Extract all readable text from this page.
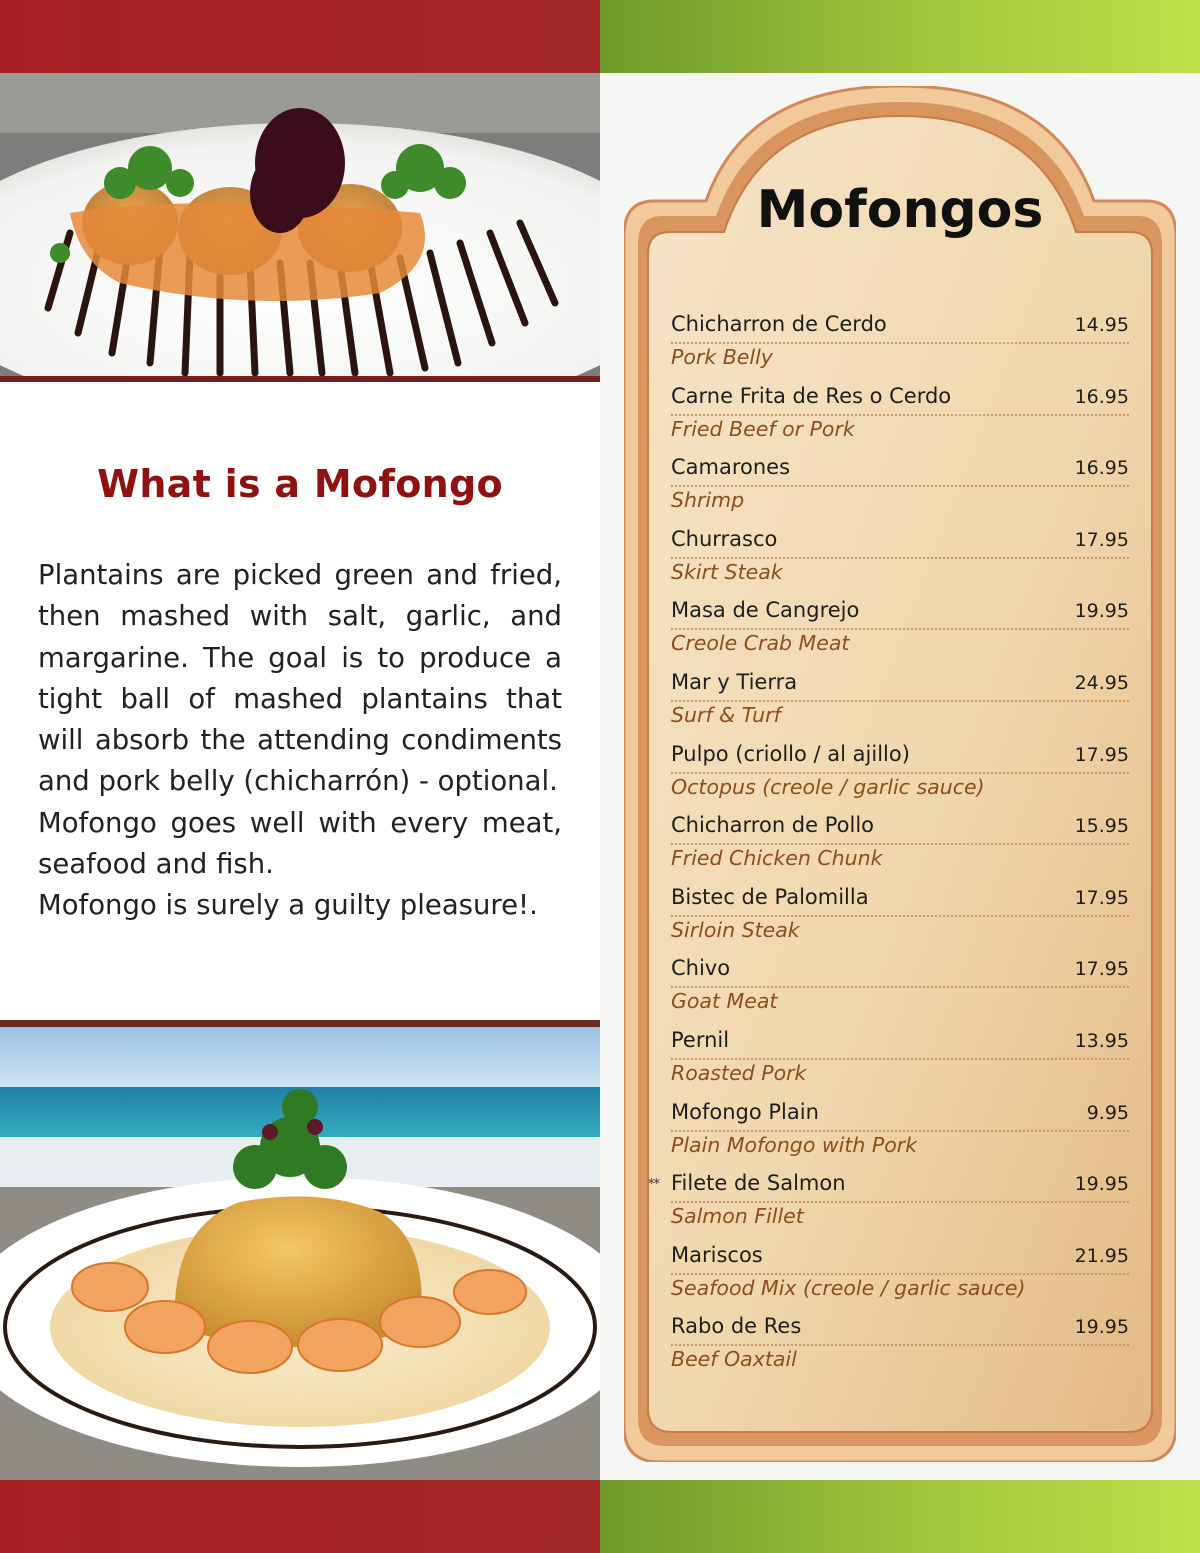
What is a Mofongo
Plantains are picked green and fried,
then mashed with salt, garlic, and
margarine. The goal is to produce a
tight ball of mashed plantains that
will absorb the attending condiments
and pork belly (chicharrón) - optional.
Mofongo goes well with every meat,
seafood and fish.
Mofongo is surely a guilty pleasure!.
Mofongos
Chicharron de Cerdo	14.95
Pork Belly
Carne Frita de Res o Cerdo	16.95
Fried Beef or Pork
Camarones	16.95
Shrimp
Churrasco	17.95
Skirt Steak
Masa de Cangrejo	19.95
Creole Crab Meat
Mar y Tierra	24.95
Surf & Turf
Pulpo (criollo / al ajillo)	17.95
Octopus (creole / garlic sauce)
Chicharron de Pollo	15.95
Fried Chicken Chunk
Bistec de Palomilla	17.95
Sirloin Steak
Chivo	17.95
Goat Meat
Pernil	13.95
Roasted Pork
Mofongo Plain	9.95
Plain Mofongo with Pork
** Filete de Salmon	19.95
Salmon Fillet
Mariscos	21.95
Seafood Mix (creole / garlic sauce)
Rabo de Res	19.95
Beef Oaxtail
